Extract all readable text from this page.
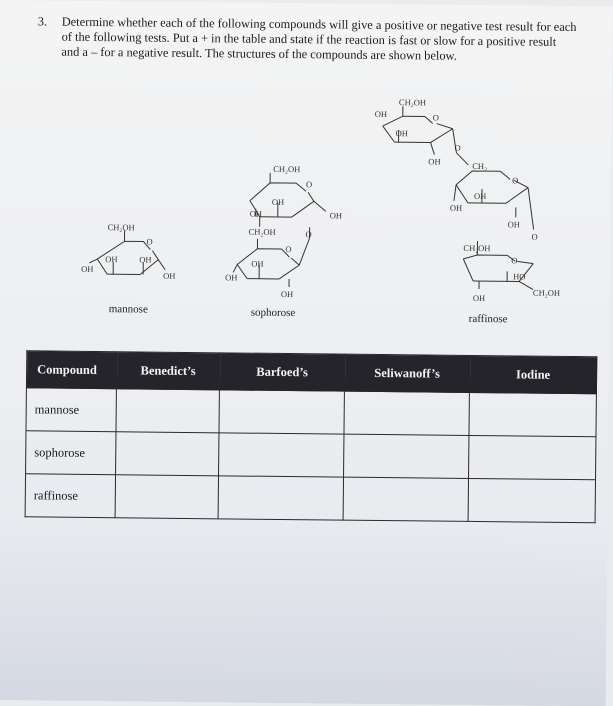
3. Determine whether each of the following compounds will give a positive or negative test result for each of the following tests. Put a + in the table and state if the reaction is fast or slow for a positive result and a – for a negative result. The structures of the compounds are shown below.
CH₂OH
O
OH	OH
OH
OH
mannose
CH₂OH
O
OH
OH	OH
O
CH₂OH
O
OH
OH
OH
sophorose
CH₂OH
O
OH
OH
OH
O
CH₂
O
OH
OH
OH
O
CH₂OH
O
HO
CH₂OH
OH
raffinose
Compound	Benedict’s	Barfoed’s	Seliwanoff’s	Iodine
mannose				
sophorose				
raffinose				
